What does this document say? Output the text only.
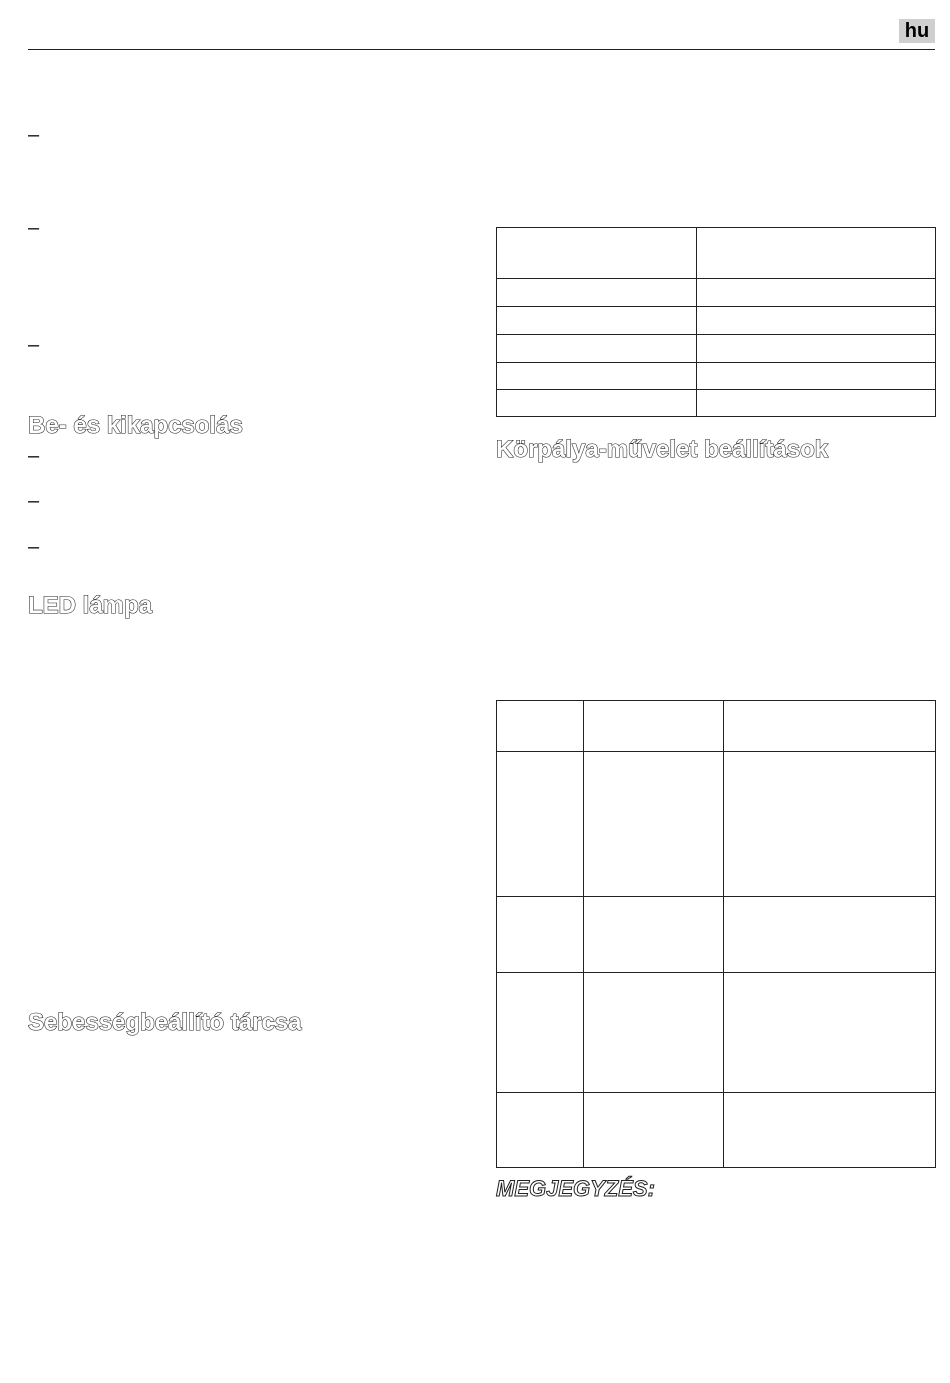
hu
–
–
–
Be- és kikapcsolás
–
–
–
LED lámpa
Sebességbeállító tárcsa

Körpálya-művelet beállítások

MEGJEGYZÉS:
